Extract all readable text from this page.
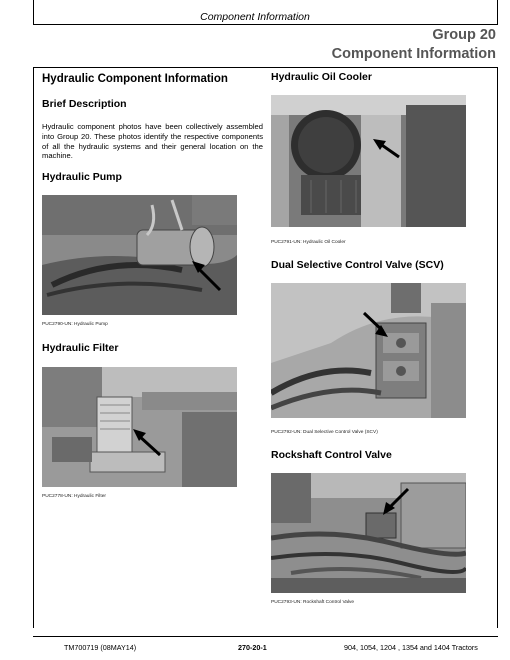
Component Information
Group 20
Component Information
Hydraulic Component Information
Brief Description
Hydraulic component photos have been collectively assembled into Group 20. These photos identify the respective components of all the hydraulic systems and their general location on the machine.
Hydraulic Pump
PUC2790-UN: Hydraulic Pump
Hydraulic Filter
PUC2778-UN: Hydraulic Filter
Hydraulic Oil Cooler
PUC2791-UN: Hydraulic Oil Cooler
Dual Selective Control Valve (SCV)
PUC2792-UN: Dual Selective Control Valve (SCV)
Rockshaft Control Valve
PUC2793-UN: Rockshaft Control Valve
TM700719 (08MAY14)	270-20-1	904, 1054, 1204 , 1354 and 1404 Tractors
